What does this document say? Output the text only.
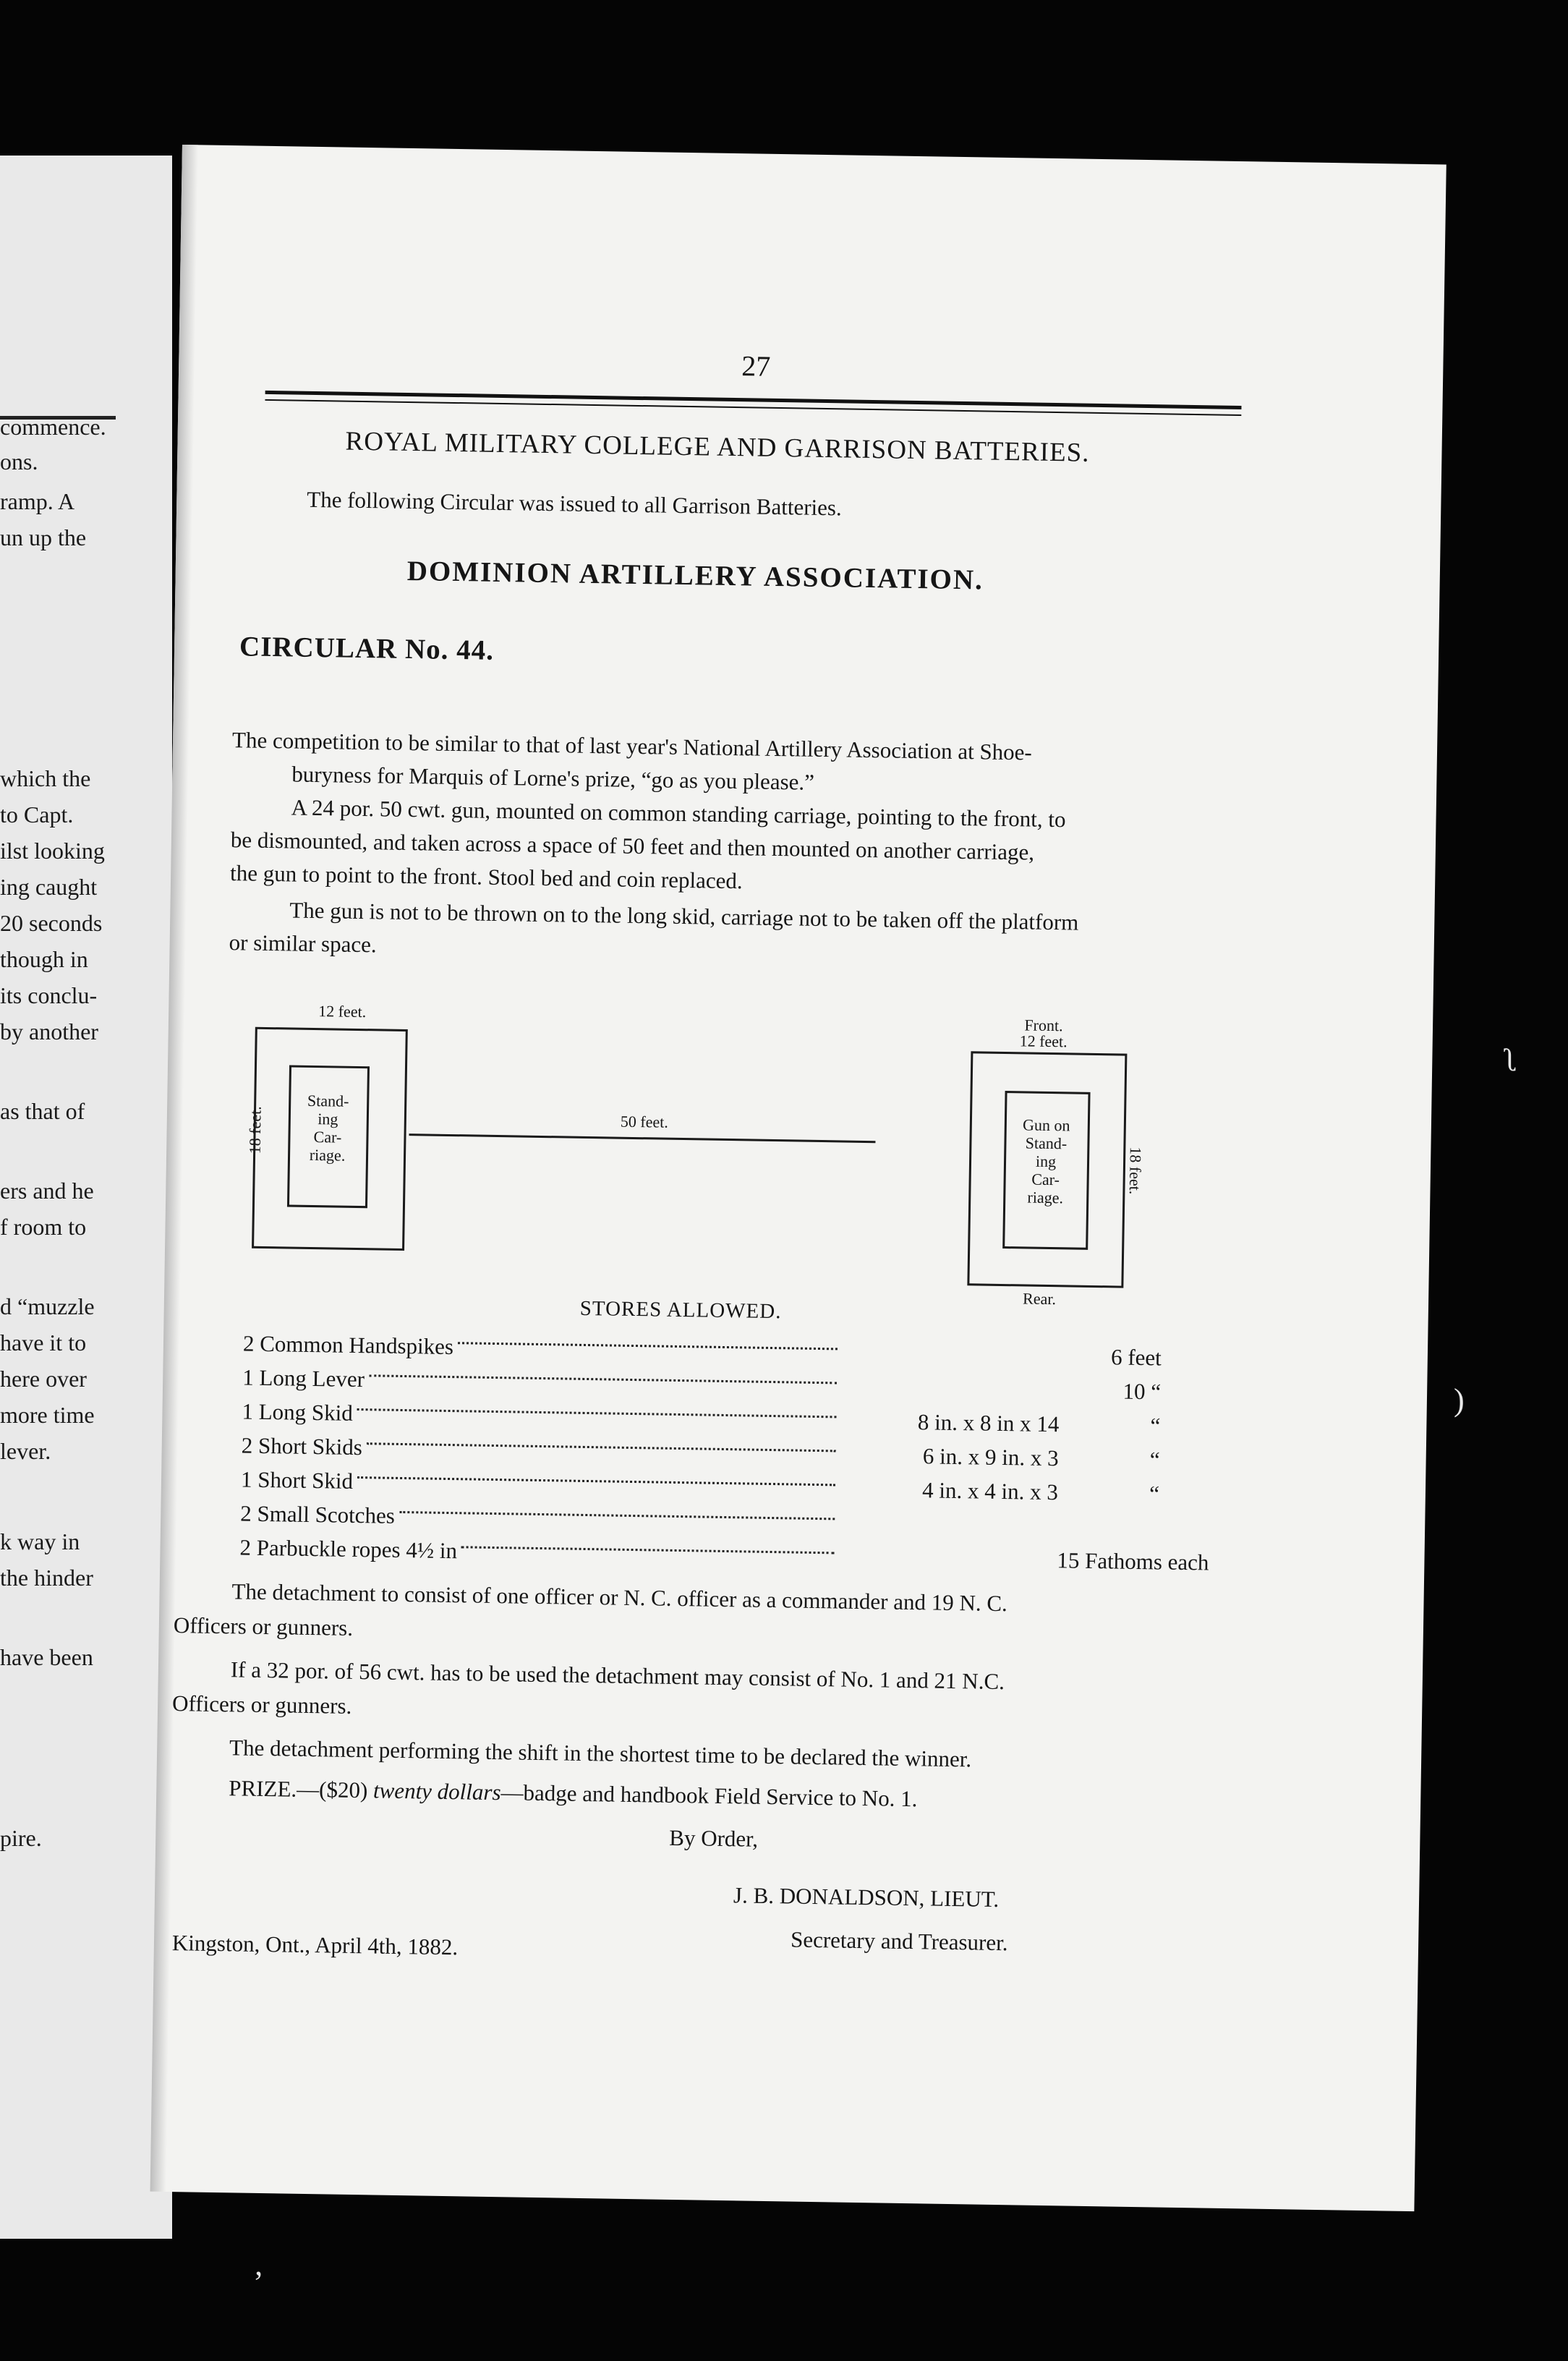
commence.
ons.
ramp. A
un up the
which the
to Capt.
ilst looking
ing caught
20 seconds
though in
its conclu-
by another
as that of
ers and he
f room to
d “muzzle
have it to
here over
more time
lever.
k way in
the hinder
have been
pire.
27
ROYAL MILITARY COLLEGE AND GARRISON BATTERIES.
The following Circular was issued to all Garrison Batteries.
DOMINION ARTILLERY ASSOCIATION.
CIRCULAR No. 44.
The competition to be similar to that of last year's National Artillery Association at Shoe-
buryness for Marquis of Lorne's prize, “go as you please.”
A 24 por. 50 cwt. gun, mounted on common standing carriage, pointing to the front, to
be dismounted, and taken across a space of 50 feet and then mounted on another carriage,
the gun to point to the front. Stool bed and coin replaced.
The gun is not to be thrown on to the long skid, carriage not to be taken off the platform
or similar space.
12 feet.
18 feet.
Stand-
ing
Car-
riage.
50 feet.
Front.
12 feet.
Gun on
Stand-
ing
Car-
riage.
18 feet.
Rear.
STORES ALLOWED.
2 Common Handspikes	6 feet
1 Long Lever	10 “
1 Long Skid	8 in. x 8 in x 14	“
2 Short Skids	6 in. x 9 in. x 3	“
1 Short Skid	4 in. x 4 in. x 3	“
2 Small Scotches
2 Parbuckle ropes 4½ in	15 Fathoms each
The detachment to consist of one officer or N. C. officer as a commander and 19 N. C.
Officers or gunners.
If a 32 por. of 56 cwt. has to be used the detachment may consist of No. 1 and 21 N.C.
Officers or gunners.
The detachment performing the shift in the shortest time to be declared the winner.
PRIZE.—($20) twenty dollars—badge and handbook Field Service to No. 1.
By Order,
J. B. DONALDSON, LIEUT.
Secretary and Treasurer.
Kingston, Ont., April 4th, 1882.
ʅ
)
ʼ
